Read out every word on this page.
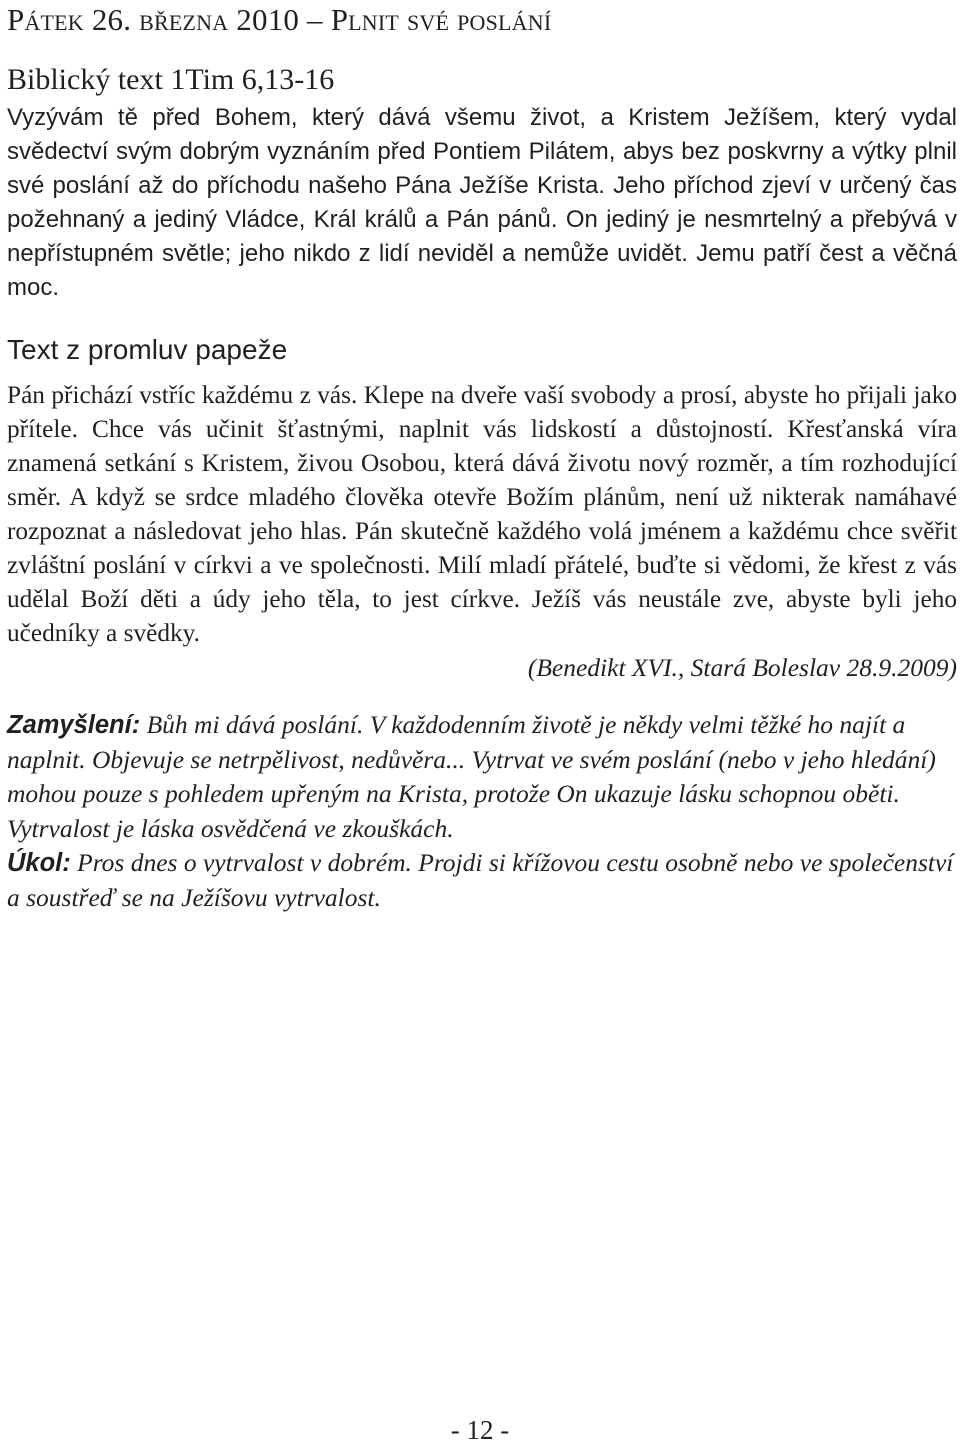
Pátek 26. března 2010 – Plnit své poslání
Biblický text 1Tim 6,13-16

Vyzývám tě před Bohem, který dává všemu život, a Kristem Ježíšem, který vydal svědectví svým dobrým vyznáním před Pontiem Pilátem, abys bez poskvrny a výtky plnil své poslání až do příchodu našeho Pána Ježíše Krista. Jeho příchod zjeví v určený čas požehnaný a jediný Vládce, Král králů a Pán pánů. On jediný je nesmrtelný a přebývá v nepřístupném světle; jeho nikdo z lidí neviděl a nemůže uvidět. Jemu patří čest a věčná moc.

Text z promluv papeže

Pán přichází vstříc každému z vás. Klepe na dveře vaší svobody a prosí, abyste ho přijali jako přítele. Chce vás učinit šťastnými, naplnit vás lidskostí a důstojností. Křesťanská víra znamená setkání s Kristem, živou Osobou, která dává životu nový rozměr, a tím rozhodující směr. A když se srdce mladého člověka otevře Božím plánům, není už nikterak namáhavé rozpoznat a následovat jeho hlas. Pán skutečně každého volá jménem a každému chce svěřit zvláštní poslání v církvi a ve společnosti. Milí mladí přátelé, buďte si vědomi, že křest z vás udělal Boží děti a údy jeho těla, to jest církve. Ježíš vás neustále zve, abyste byli jeho učedníky a svědky.

(Benedikt XVI., Stará Boleslav 28.9.2009)

Zamyšlení: Bůh mi dává poslání. V každodenním životě je někdy velmi těžké ho najít a naplnit. Objevuje se netrpělivost, nedůvěra... Vytrvat ve svém poslání (nebo v jeho hledání) mohou pouze s pohledem upřeným na Krista, protože On ukazuje lásku schopnou oběti. Vytrvalost je láska osvědčená ve zkouškách.
Úkol: Pros dnes o vytrvalost v dobrém. Projdi si křížovou cestu osobně nebo ve společenství a soustřeď se na Ježíšovu vytrvalost.

- 12 -
